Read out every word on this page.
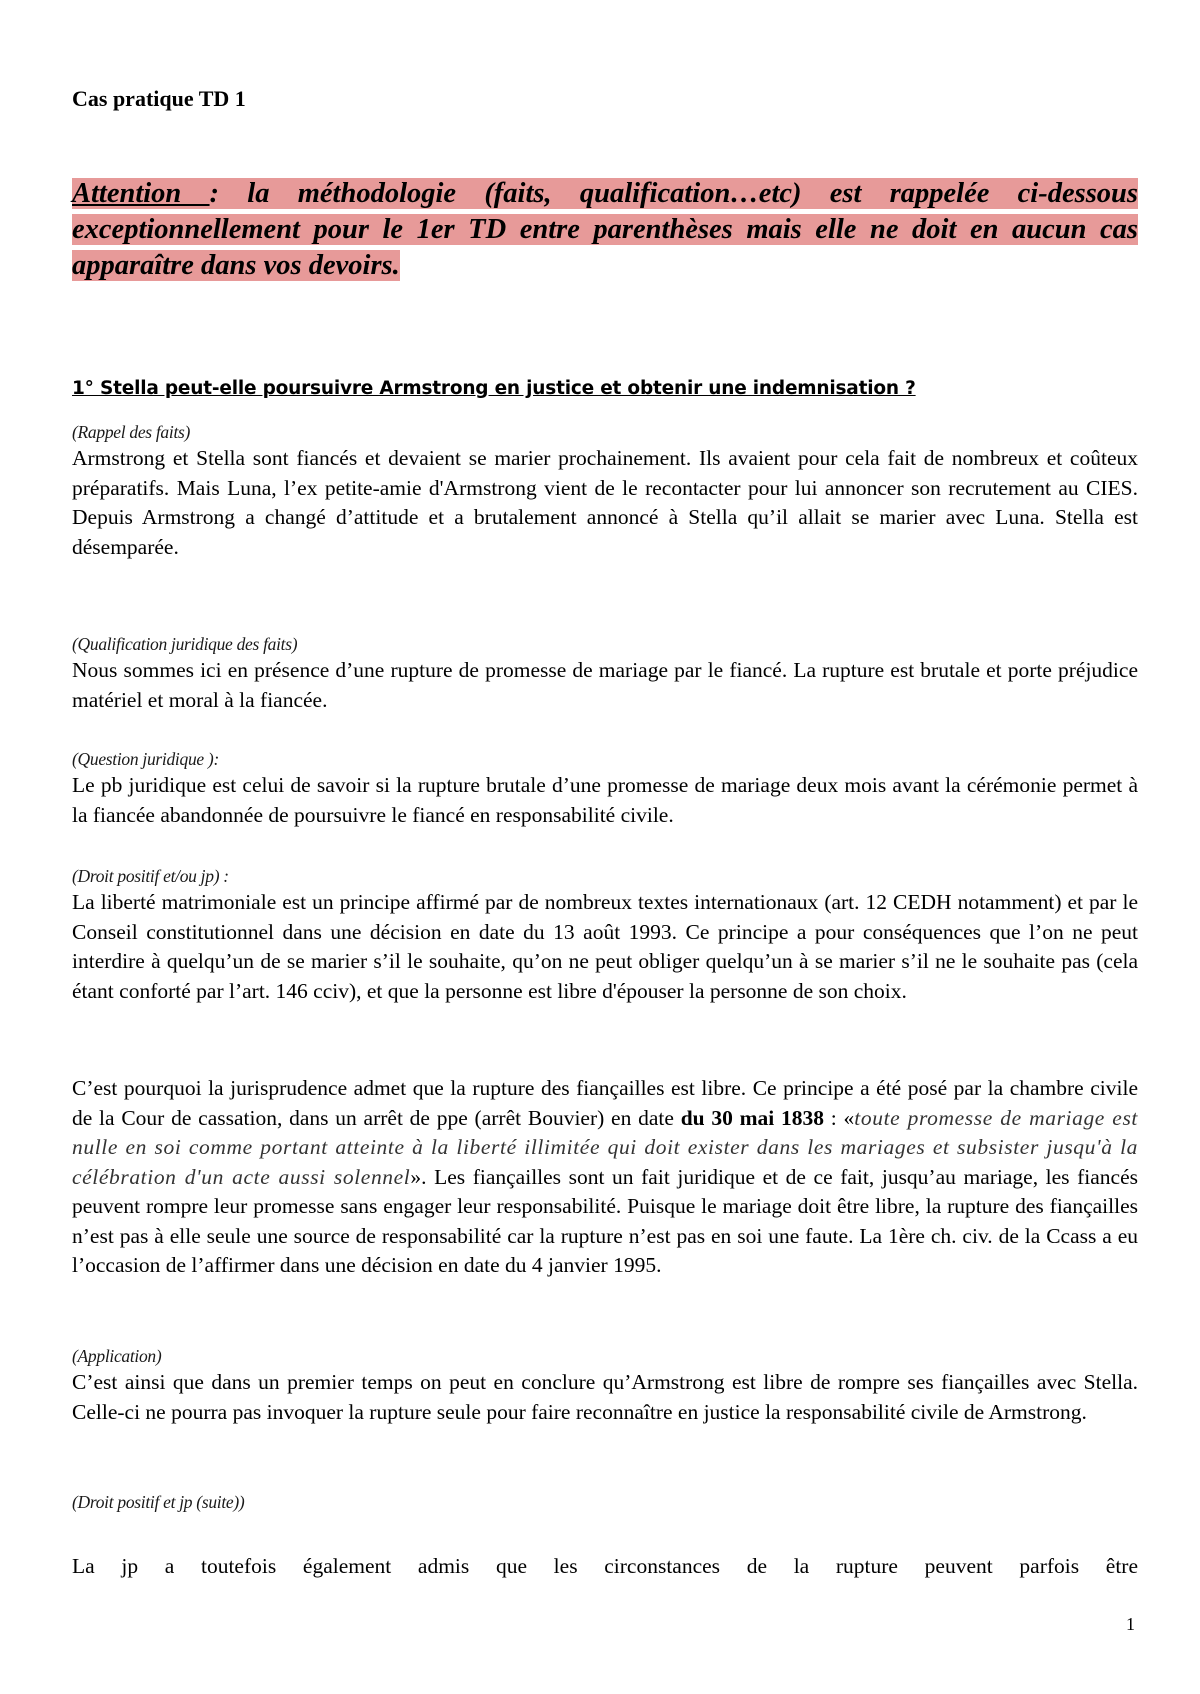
Cas pratique TD 1

Attention : la méthodologie (faits, qualification…etc) est rappelée ci-dessous exceptionnellement pour le 1er TD entre parenthèses mais elle ne doit en aucun cas apparaître dans vos devoirs.

1° Stella peut-elle poursuivre Armstrong en justice et obtenir une indemnisation ?
(Rappel des faits)

Armstrong et Stella sont fiancés et devaient se marier prochainement. Ils avaient pour cela fait de nombreux et coûteux préparatifs. Mais Luna, l’ex petite-amie d'Armstrong vient de le recontacter pour lui annoncer son recrutement au CIES. Depuis Armstrong a changé d’attitude et a brutalement annoncé à Stella qu’il allait se marier avec Luna. Stella est désemparée.

(Qualification juridique des faits)

Nous sommes ici en présence d’une rupture de promesse de mariage par le fiancé. La rupture est brutale et porte préjudice matériel et moral à la fiancée.

(Question juridique ):

Le pb juridique est celui de savoir si la rupture brutale d’une promesse de mariage deux mois avant la cérémonie permet à la fiancée abandonnée de poursuivre le fiancé en responsabilité civile.

(Droit positif et/ou jp) :

La liberté matrimoniale est un principe affirmé par de nombreux textes internationaux (art. 12 CEDH notamment) et par le Conseil constitutionnel dans une décision en date du 13 août 1993. Ce principe a pour conséquences que l’on ne peut interdire à quelqu’un de se marier s’il le souhaite, qu’on ne peut obliger quelqu’un à se marier s’il ne le souhaite pas (cela étant conforté par l’art. 146 cciv), et que la personne est libre d'épouser la personne de son choix.

C’est pourquoi la jurisprudence admet que la rupture des fiançailles est libre. Ce principe a été posé par la chambre civile de la Cour de cassation, dans un arrêt de ppe (arrêt Bouvier) en date du 30 mai 1838 : «toute promesse de mariage est nulle en soi comme portant atteinte à la liberté illimitée qui doit exister dans les mariages et subsister jusqu'à la célébration d'un acte aussi solennel». Les fiançailles sont un fait juridique et de ce fait, jusqu’au mariage, les fiancés peuvent rompre leur promesse sans engager leur responsabilité. Puisque le mariage doit être libre, la rupture des fiançailles n’est pas à elle seule une source de responsabilité car la rupture n’est pas en soi une faute. La 1ère ch. civ. de la Ccass a eu l’occasion de l’affirmer dans une décision en date du 4 janvier 1995.

(Application)

C’est ainsi que dans un premier temps on peut en conclure qu’Armstrong est libre de rompre ses fiançailles avec Stella. Celle-ci ne pourra pas invoquer la rupture seule pour faire reconnaître en justice la responsabilité civile de Armstrong.

(Droit positif et jp (suite))

La jp a toutefois également admis que les circonstances de la rupture peuvent parfois être

1
